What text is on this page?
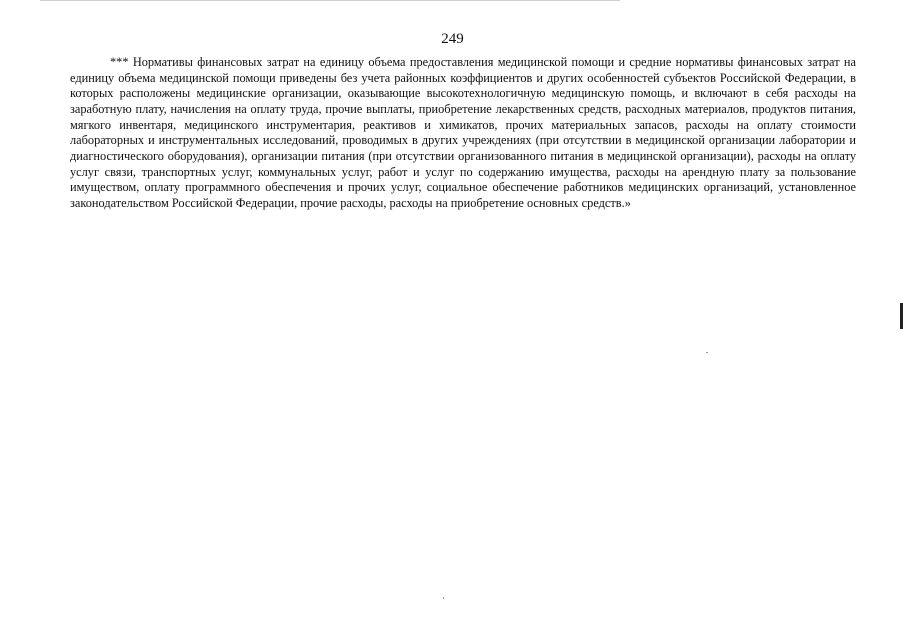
249

*** Нормативы финансовых затрат на единицу объема предоставления медицинской помощи и средние нормативы финансовых затрат на единицу объема медицинской помощи приведены без учета районных коэффициентов и других особенностей субъектов Российской Федерации, в которых расположены медицинские организации, оказывающие высокотехнологичную медицинскую помощь, и включают в себя расходы на заработную плату, начисления на оплату труда, прочие выплаты, приобретение лекарственных средств, расходных материалов, продуктов питания, мягкого инвентаря, медицинского инструментария, реактивов и химикатов, прочих материальных запасов, расходы на оплату стоимости лабораторных и инструментальных исследований, проводимых в других учреждениях (при отсутствии в медицинской организации лаборатории и диагностического оборудования), организации питания (при отсутствии организованного питания в медицинской организации), расходы на оплату услуг связи, транспортных услуг, коммунальных услуг, работ и услуг по содержанию имущества, расходы на арендную плату за пользование имуществом, оплату программного обеспечения и прочих услуг, социальное обеспечение работников медицинских организаций, установленное законодательством Российской Федерации, прочие расходы, расходы на приобретение основных средств.»
